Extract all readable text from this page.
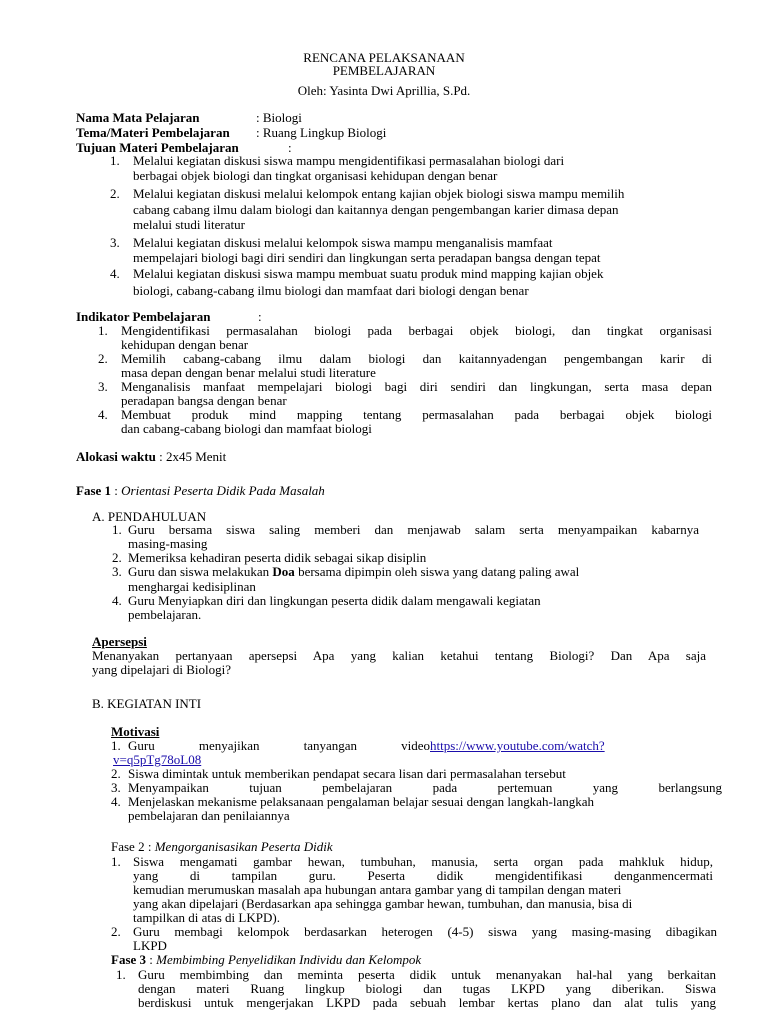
RENCANA PELAKSANAAN
PEMBELAJARAN
Oleh: Yasinta Dwi Aprillia, S.Pd.
Nama Mata Pelajaran	: Biologi
Tema/Materi Pembelajaran : Ruang Lingkup Biologi
Tujuan Materi Pembelajaran	:
1. Melalui kegiatan diskusi siswa mampu mengidentifikasi permasalahan biologi dari
berbagai objek biologi dan tingkat organisasi kehidupan dengan benar
2. Melalui kegiatan diskusi melalui kelompok entang kajian objek biologi siswa mampu memilih
cabang cabang ilmu dalam biologi dan kaitannya dengan pengembangan karier dimasa depan
melalui studi literatur
3. Melalui kegiatan diskusi melalui kelompok siswa mampu menganalisis mamfaat
mempelajari biologi bagi diri sendiri dan lingkungan serta peradapan bangsa dengan tepat
4. Melalui kegiatan diskusi siswa mampu membuat suatu produk mind mapping kajian objek
biologi, cabang-cabang ilmu biologi dan mamfaat dari biologi dengan benar
Indikator Pembelajaran	:
1. Mengidentifikasi permasalahan biologi pada berbagai objek biologi, dan tingkat organisasi
kehidupan dengan benar
2. Memilih cabang-cabang ilmu dalam biologi dan kaitannyadengan pengembangan karir di
masa depan dengan benar melalui studi literature
3. Menganalisis manfaat mempelajari biologi bagi diri sendiri dan lingkungan, serta masa depan
peradapan bangsa dengan benar
4. Membuat produk mind mapping tentang permasalahan pada berbagai objek biologi
dan cabang-cabang biologi dan mamfaat biologi
Alokasi waktu : 2x45 Menit
Fase 1 : Orientasi Peserta Didik Pada Masalah
A. PENDAHULUAN
1. Guru bersama siswa saling memberi dan menjawab salam serta menyampaikan kabarnya
masing-masing
2. Memeriksa kehadiran peserta didik sebagai sikap disiplin
3. Guru dan siswa melakukan Doa bersama dipimpin oleh siswa yang datang paling awal
menghargai kedisiplinan
4. Guru Menyiapkan diri dan lingkungan peserta didik dalam mengawali kegiatan
pembelajaran.
Apersepsi
Menanyakan pertanyaan apersepsi Apa yang kalian ketahui tentang Biologi? Dan Apa saja
yang dipelajari di Biologi?
B. KEGIATAN INTI
Motivasi
1. Guru menyajikan tanyangan videohttps://www.youtube.com/watch?
v=q5pTg78oL08
2. Siswa dimintak untuk memberikan pendapat secara lisan dari permasalahan tersebut
3. Menyampaikan tujuan pembelajaran pada pertemuan yang berlangsung
4. Menjelaskan mekanisme pelaksanaan pengalaman belajar sesuai dengan langkah-langkah
pembelajaran dan penilaiannya
Fase 2 : Mengorganisasikan Peserta Didik
1. Siswa mengamati gambar hewan, tumbuhan, manusia, serta organ pada mahkluk hidup,
yang di tampilan guru. Peserta didik mengidentifikasi denganmencermati
kemudian merumuskan masalah apa hubungan antara gambar yang di tampilan dengan materi
yang akan dipelajari (Berdasarkan apa sehingga gambar hewan, tumbuhan, dan manusia, bisa di
tampilkan di atas di LKPD).
2. Guru membagi kelompok berdasarkan heterogen (4-5) siswa yang masing-masing dibagikan
LKPD
Fase 3 : Membimbing Penyelidikan Individu dan Kelompok
1. Guru membimbing dan meminta peserta didik untuk menanyakan hal-hal yang berkaitan
dengan materi Ruang lingkup biologi dan tugas LKPD yang diberikan. Siswa
berdiskusi untuk mengerjakan LKPD pada sebuah lembar kertas plano dan alat tulis yang
